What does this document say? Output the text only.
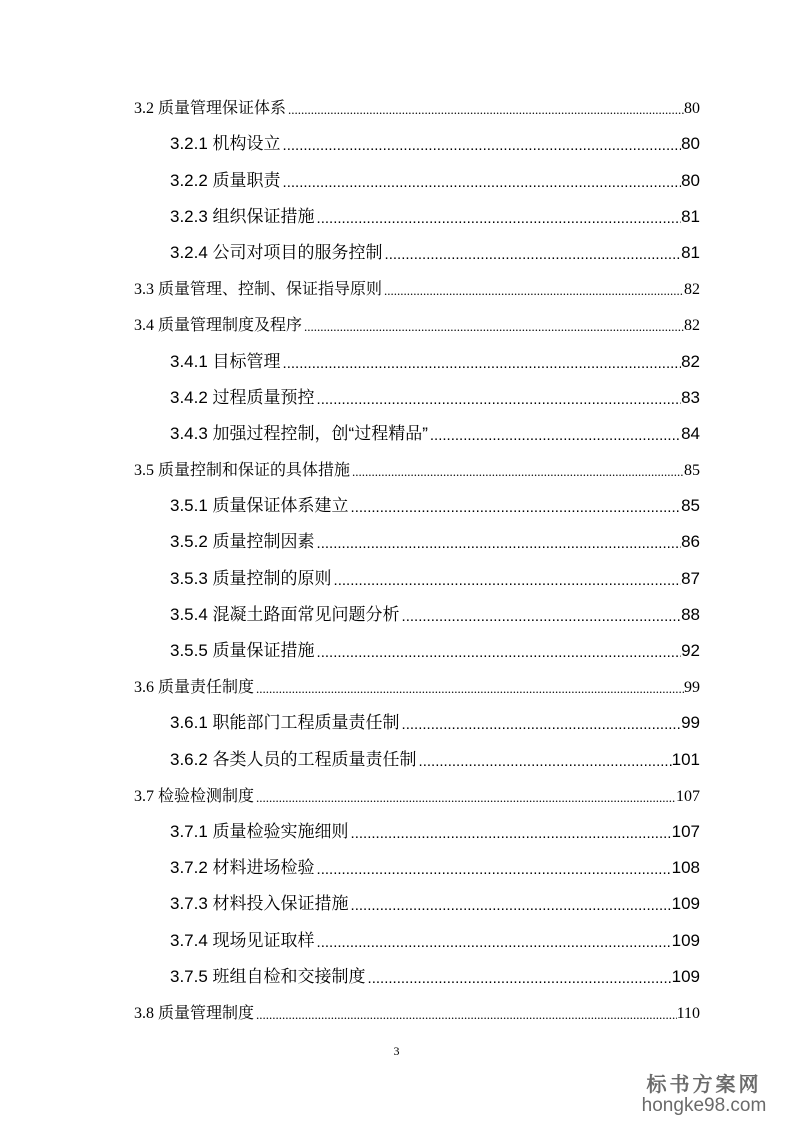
3.2 质量管理保证体系 .....	80
3.2.1 机构设立 .....	80
3.2.2 质量职责 .....	80
3.2.3 组织保证措施 .....	81
3.2.4 公司对项目的服务控制 .....	81
3.3 质量管理、控制、保证指导原则 .....	82
3.4 质量管理制度及程序 .....	82
3.4.1 目标管理 .....	82
3.4.2 过程质量预控 .....	83
3.4.3 加强过程控制，创“过程精品” .....	84
3.5 质量控制和保证的具体措施 .....	85
3.5.1 质量保证体系建立 .....	85
3.5.2 质量控制因素 .....	86
3.5.3 质量控制的原则 .....	87
3.5.4 混凝土路面常见问题分析 .....	88
3.5.5 质量保证措施 .....	92
3.6 质量责任制度 .....	99
3.6.1 职能部门工程质量责任制 .....	99
3.6.2 各类人员的工程质量责任制 .....	101
3.7 检验检测制度 .....	107
3.7.1 质量检验实施细则 .....	107
3.7.2 材料进场检验 .....	108
3.7.3 材料投入保证措施 .....	109
3.7.4 现场见证取样 .....	109
3.7.5 班组自检和交接制度 .....	109
3.8 质量管理制度 .....	110
3
标书方案网
hongke98.com
